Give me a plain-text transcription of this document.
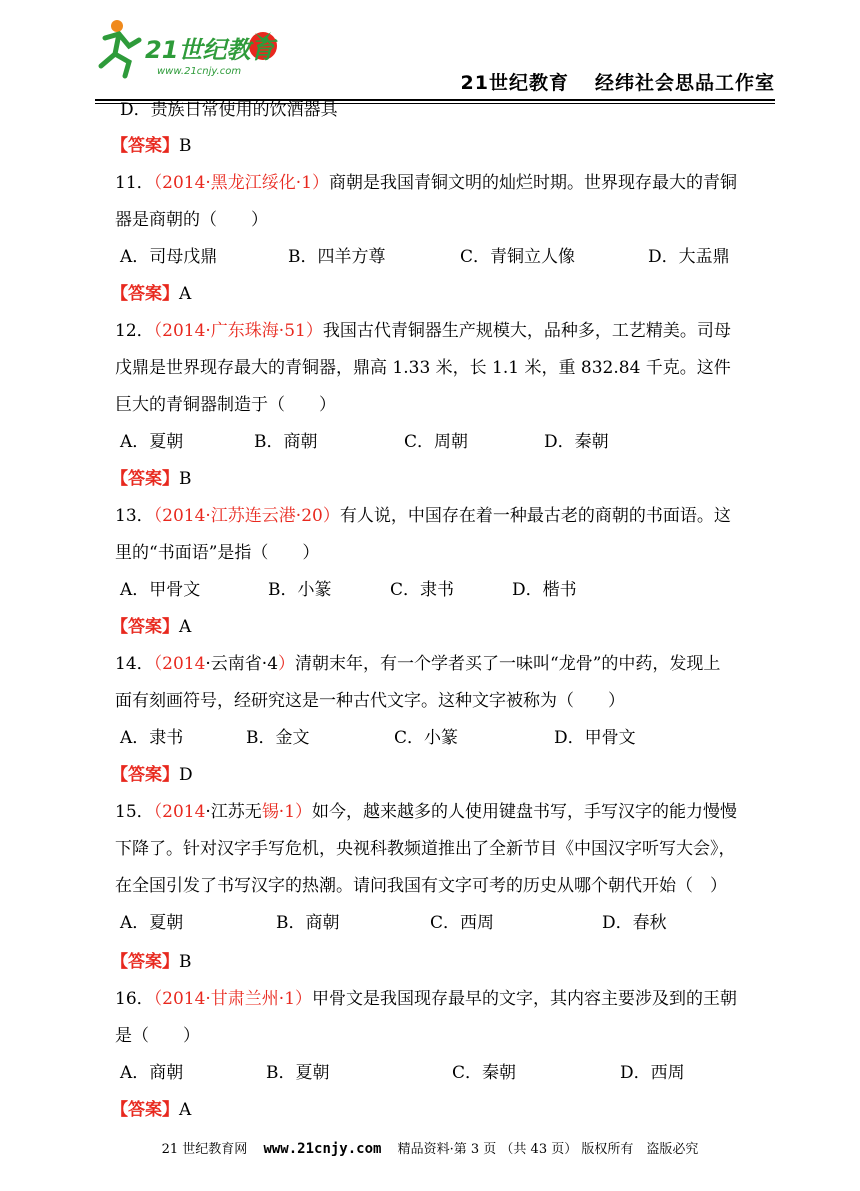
21世纪教育
www.21cnjy.com
21世纪教育 经纬社会思品工作室
D．贵族日常使用的饮酒器具
【答案】B
11．（2014·黑龙江绥化·1）商朝是我国青铜文明的灿烂时期。世界现存最大的青铜
器是商朝的（　　）
A．司母戊鼎	B．四羊方尊	C．青铜立人像	D．大盂鼎
【答案】A
12．（2014·广东珠海·51）我国古代青铜器生产规模大，品种多，工艺精美。司母
戊鼎是世界现存最大的青铜器，鼎高 1.33 米，长 1.1 米，重 832.84 千克。这件
巨大的青铜器制造于（　　）
A．夏朝	B．商朝	C．周朝	D．秦朝
【答案】B
13．（2014·江苏连云港·20）有人说，中国存在着一种最古老的商朝的书面语。这
里的“书面语”是指（　　）
A．甲骨文	B．小篆	C．隶书	D．楷书
【答案】A
14．（2014·云南省·4）清朝末年，有一个学者买了一味叫“龙骨”的中药，发现上
面有刻画符号，经研究这是一种古代文字。这种文字被称为（　　）
A．隶书	B．金文	C．小篆	D．甲骨文
【答案】D
15．（2014·江苏无锡·1）如今，越来越多的人使用键盘书写，手写汉字的能力慢慢
下降了。针对汉字手写危机，央视科教频道推出了全新节目《中国汉字听写大会》，
在全国引发了书写汉字的热潮。请问我国有文字可考的历史从哪个朝代开始（　）
A．夏朝	B．商朝	C．西周	D．春秋
【答案】B
16．（2014·甘肃兰州·1）甲骨文是我国现存最早的文字，其内容主要涉及到的王朝
是（　　）
A．商朝	B．夏朝	C．秦朝	D．西周
【答案】A
21 世纪教育网 www.21cnjy.com 精品资料·第 3 页 （共 43 页） 版权所有　盗版必究
